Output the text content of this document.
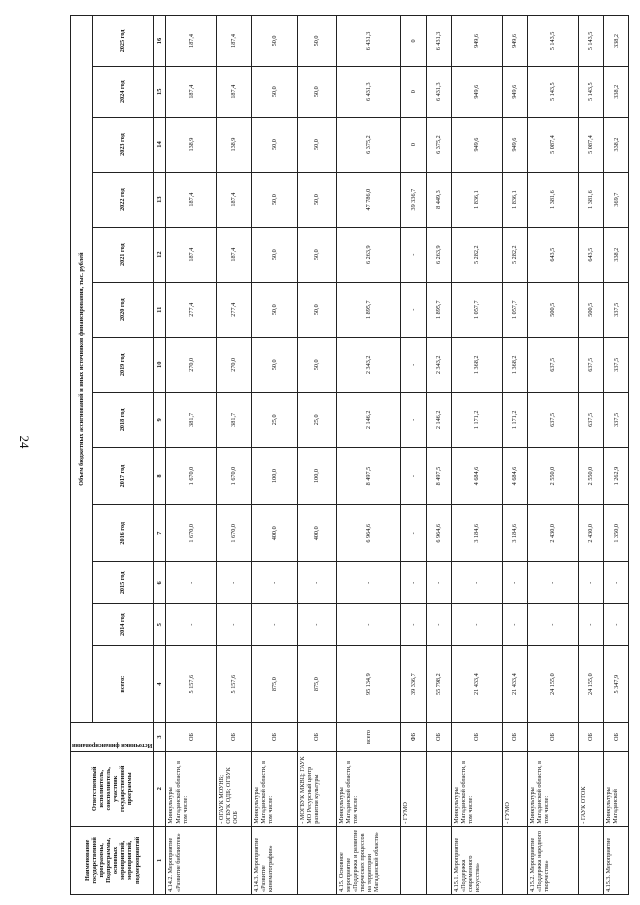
24
Наименование государственной программы, Подпрограммы, основных мероприятий, мероприятий, подмероприятий	Ответственный исполнитель, соисполнитель, участник государственной программы	Источники финансирования	Объем бюджетных ассигнований и иных источников финансирования, тыс. рублей												
			всего:	2014 год	2015 год	2016 год	2017 год	2018 год	2019 год	2020 год	2021 год	2022 год	2023 год	2024 год	2025 год
1	2	3	4	5	6	7	8	9	10	11	12	13	14	15	16
4.14.2. Мероприятие «Развитие библиотек»	Минкультуры Магаданской области, в том числе:	ОБ	5 157,6	-	-	1 670,0	1 670,0	381,7	270,0	277,4	187,4	187,4	138,9	187,4	187,4
	- ОГАУК МОУНБ; ОГБУК ОДБ; ОГБУК ООБ	ОБ	5 157,6	-	-	1 670,0	1 670,0	381,7	270,0	277,4	187,4	187,4	138,9	187,4	187,4
4.14.3. Мероприятие «Развитие кинематографии»	Минкультуры Магаданской области, в том числе:	ОБ	875,0	-	-	400,0	100,0	25,0	50,0	50,0	50,0	50,0	50,0	50,0	50,0
	- МОГБУК МКВЦ; ГАУК МО Ресурсный центр развития культуры	ОБ	875,0	-	-	400,0	100,0	25,0	50,0	50,0	50,0	50,0	50,0	50,0	50,0
4.15. Основное мероприятие «Поддержка и развитие творческих процессов на территории Магаданской области»	Минкультуры Магаданской области, в том числе:	всего	95 134,9	-	-	6 964,6	8 497,5	2 146,2	2 343,2	1 895,7	6 263,9	47 786,0	6 375,2	6 431,3	6 431,3
	- ГУМО	ФБ	39 336,7	-	-	-	-	-	-	-	-	39 336,7	0	0	0
		ОБ	55 798,2	-	-	6 964,6	8 497,5	2 146,2	2 343,2	1 895,7	6 263,9	8 449,3	6 375,2	6 431,3	6 431,3
4.15.1. Мероприятие «Поддержка современного искусства»	Минкультуры Магаданской области, в том числе:	ОБ	21 433,4	-	-	3 184,6	4 684,6	1 171,2	1 368,2	1 057,7	5 282,2	1 836,1	949,6	949,6	949,6
	- ГУМО	ОБ	21 433,4	-	-	3 184,6	4 684,6	1 171,2	1 368,2	1 057,7	5 282,2	1 836,1	949,6	949,6	949,6
4.15.2. Мероприятие «Поддержка народного творчества»	Минкультуры Магаданской области, в том числе:	ОБ	24 155,0	-	-	2 430,0	2 550,0	637,5	637,5	500,5	643,5	1 381,6	5 087,4	5 143,5	5 143,5
	- ГАУК ОТОК	ОБ	24 155,0	-	-	2 430,0	2 550,0	637,5	637,5	500,5	643,5	1 381,6	5 087,4	5 143,5	5 143,5
4.15.3. Мероприятие	Минкультуры Магаданской	ОБ	5 347,9	-	-	1 350,0	1 262,9	337,5	337,5	337,5	338,2	369,7	338,2	338,2	338,2
